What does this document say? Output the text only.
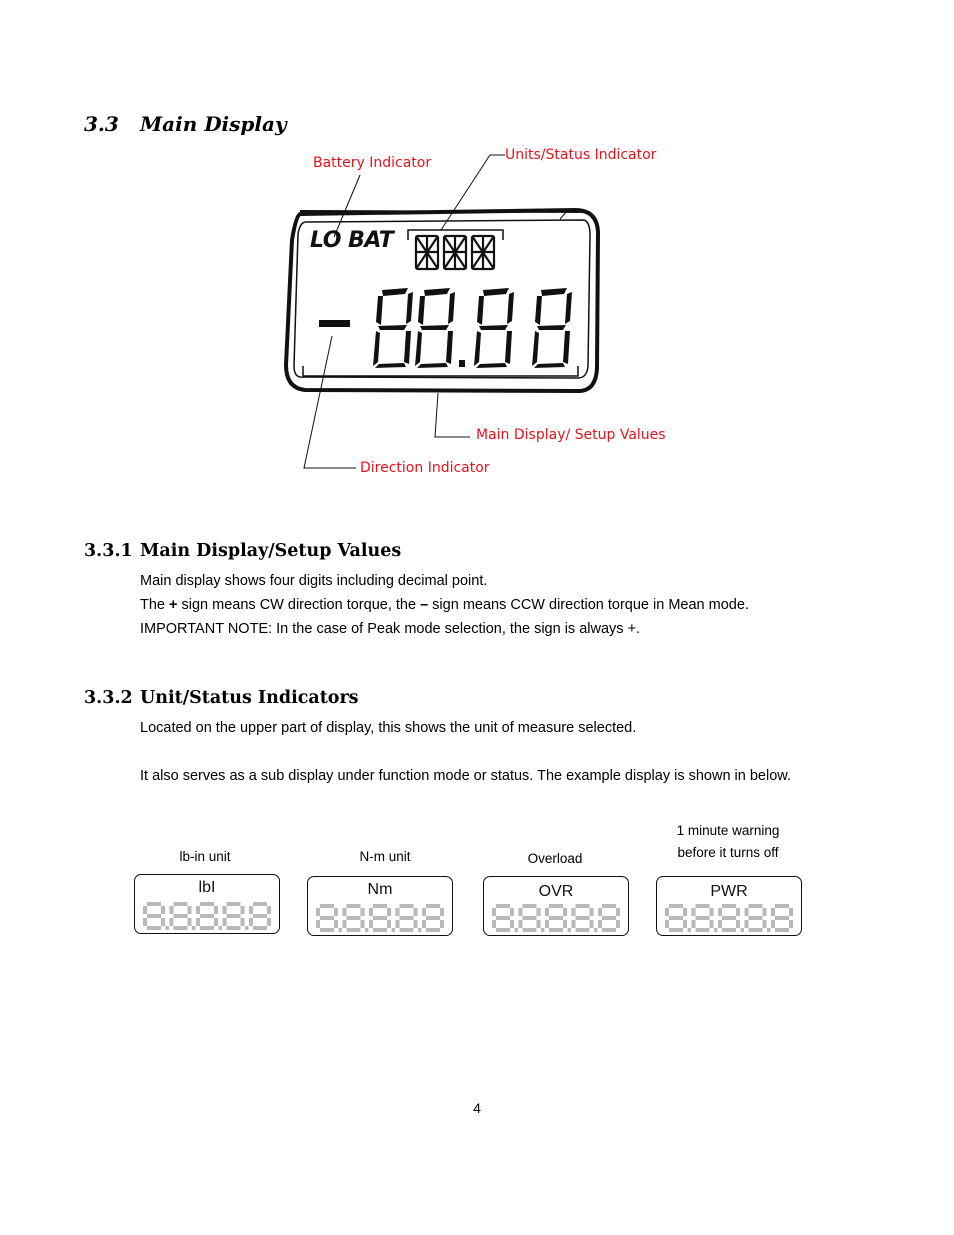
3.3 Main Display
LO BAT
Battery Indicator	Units/Status Indicator
Main Display/ Setup Values
Direction Indicator
3.3.1 Main Display/Setup Values
Main display shows four digits including decimal point.
The + sign means CW direction torque, the – sign means CCW direction torque in Mean mode.
IMPORTANT NOTE: In the case of Peak mode selection, the sign is always +.
3.3.2 Unit/Status Indicators
Located on the upper part of display, this shows the unit of measure selected.
It also serves as a sub display under function mode or status. The example display is shown in below.
lb-in unit	N-m unit	Overload
1 minute warning
before it turns off
lbI	Nm	OVR	PWR
4
